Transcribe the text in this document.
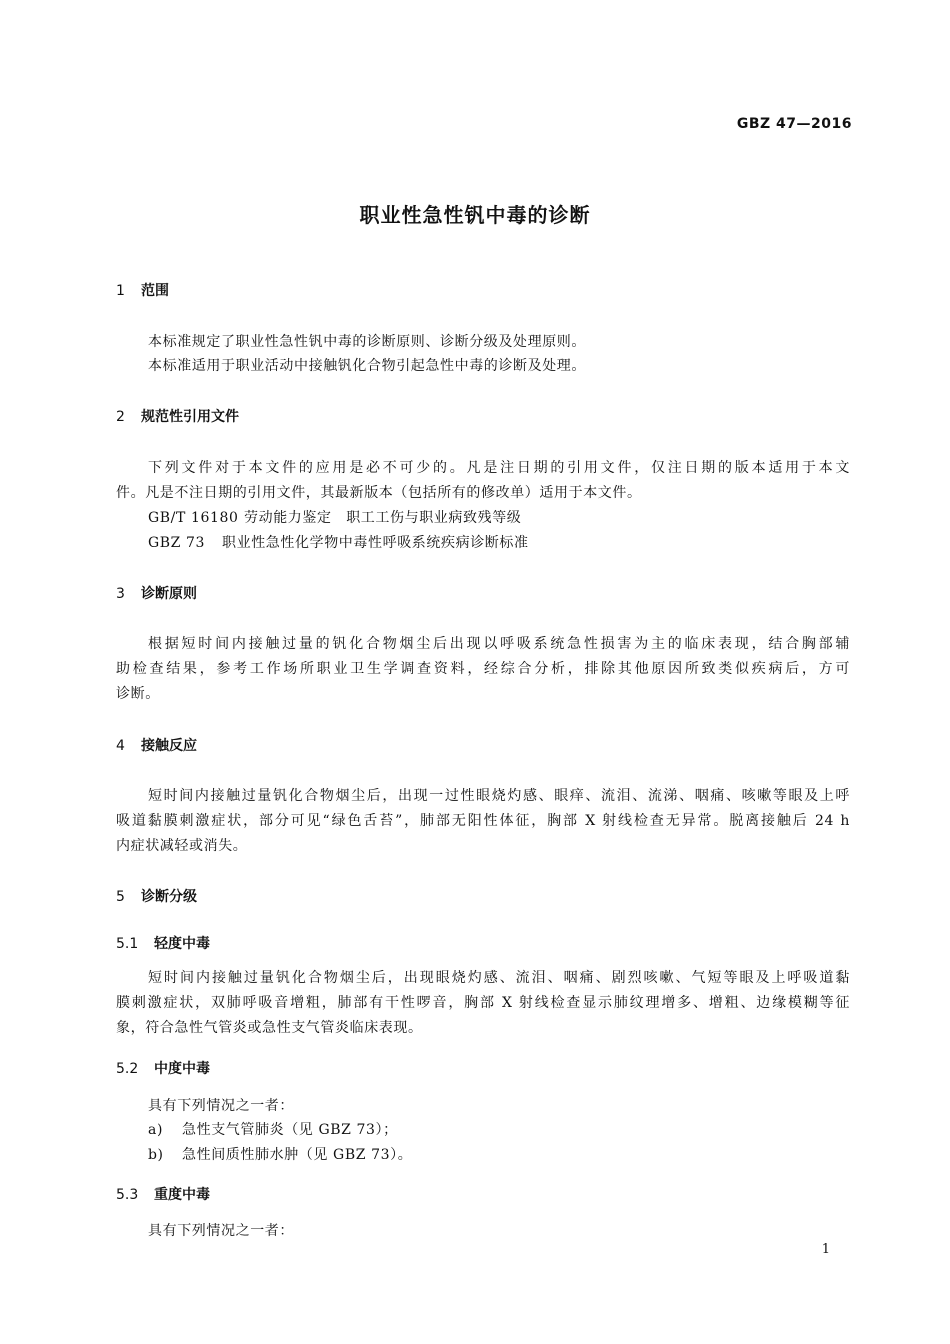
GBZ 47—2016
职业性急性钒中毒的诊断
1 范围
本标准规定了职业性急性钒中毒的诊断原则、诊断分级及处理原则。
本标准适用于职业活动中接触钒化合物引起急性中毒的诊断及处理。
2 规范性引用文件
下列文件对于本文件的应用是必不可少的。凡是注日期的引用文件，仅注日期的版本适用于本文
件。凡是不注日期的引用文件，其最新版本（包括所有的修改单）适用于本文件。
GB/T 16180 劳动能力鉴定　职工工伤与职业病致残等级
GBZ 73 职业性急性化学物中毒性呼吸系统疾病诊断标准
3 诊断原则
根据短时间内接触过量的钒化合物烟尘后出现以呼吸系统急性损害为主的临床表现，结合胸部辅
助检查结果，参考工作场所职业卫生学调查资料，经综合分析，排除其他原因所致类似疾病后，方可
诊断。
4 接触反应
短时间内接触过量钒化合物烟尘后，出现一过性眼烧灼感、眼痒、流泪、流涕、咽痛、咳嗽等眼及上呼
吸道黏膜刺激症状，部分可见“绿色舌苔”，肺部无阳性体征，胸部 X 射线检查无异常。脱离接触后 24 h
内症状减轻或消失。
5 诊断分级
5.1 轻度中毒
短时间内接触过量钒化合物烟尘后，出现眼烧灼感、流泪、咽痛、剧烈咳嗽、气短等眼及上呼吸道黏
膜刺激症状，双肺呼吸音增粗，肺部有干性啰音，胸部 X 射线检查显示肺纹理增多、增粗、边缘模糊等征
象，符合急性气管炎或急性支气管炎临床表现。
5.2 中度中毒
具有下列情况之一者：
a) 急性支气管肺炎（见 GBZ 73）；
b) 急性间质性肺水肿（见 GBZ 73）。
5.3 重度中毒
具有下列情况之一者：
1
